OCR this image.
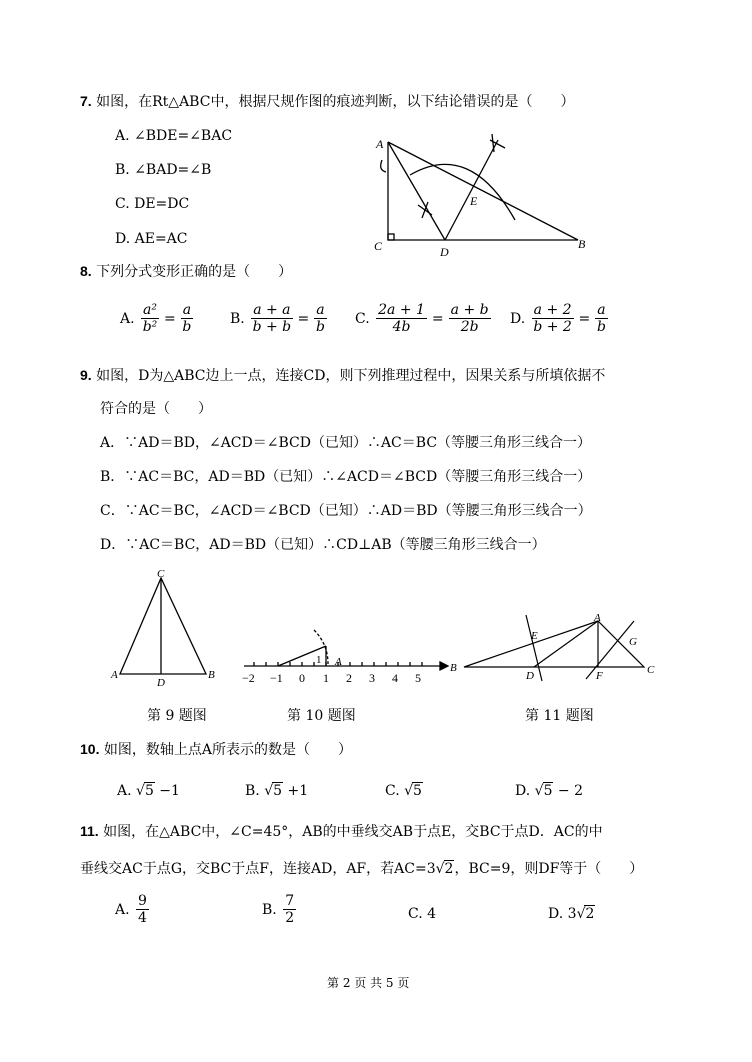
7. 如图，在Rt△ABC中，根据尺规作图的痕迹判断，以下结论错误的是（　　）
A. ∠BDE=∠BAC
B. ∠BAD=∠B
C. DE=DC
D. AE=AC
A
C	D
B
E
8. 下列分式变形正确的是（　　）
A. $\frac{\text{a²}}{\text{b²}} = \frac{a}{b}$	B. $\frac{a + a}{b + b} = \frac{a}{b} C$. $\frac{2a + 1}{4b} = \frac{a + b}{2b} D$. $\frac{a + 2}{b + 2} = \frac{a}{b}$
9. 如图，D为△ABC边上一点，连接CD，则下列推理过程中，因果关系与所填依据不
符合的是（　　）
A．∵AD＝BD，∠ACD＝∠BCD（已知）∴AC＝BC（等腰三角形三线合一）
B．∵AC＝BC，AD＝BD（已知）∴∠ACD＝∠BCD（等腰三角形三线合一）
C．∵AC＝BC，∠ACD＝∠BCD（已知）∴AD＝BD（等腰三角形三线合一）
D．∵AC＝BC，AD＝BD（已知）∴CD⊥AB（等腰三角形三线合一）
C
A
D
B
1 A
−2 −1 0 1 2 3 4 5
A
E	G
B
D	F	C
第 9 题图	第 10 题图	第 11 题图
10. 如图，数轴上点A所表示的数是（　　）
A. √5 −1	B. √5 +1	C. √5	D. √5 − 2
11. 如图，在△ABC中，∠C=45°，AB的中垂线交AB于点E，交BC于点D．AC的中
垂线交AC于点G，交BC于点F，连接AD，AF，若AC=3√2，BC=9，则DF等于（　　）
A. $\frac{9}{4}$	B. $\frac{7}{2}$	C. 4	D. 3√2
第 2 页 共 5 页
